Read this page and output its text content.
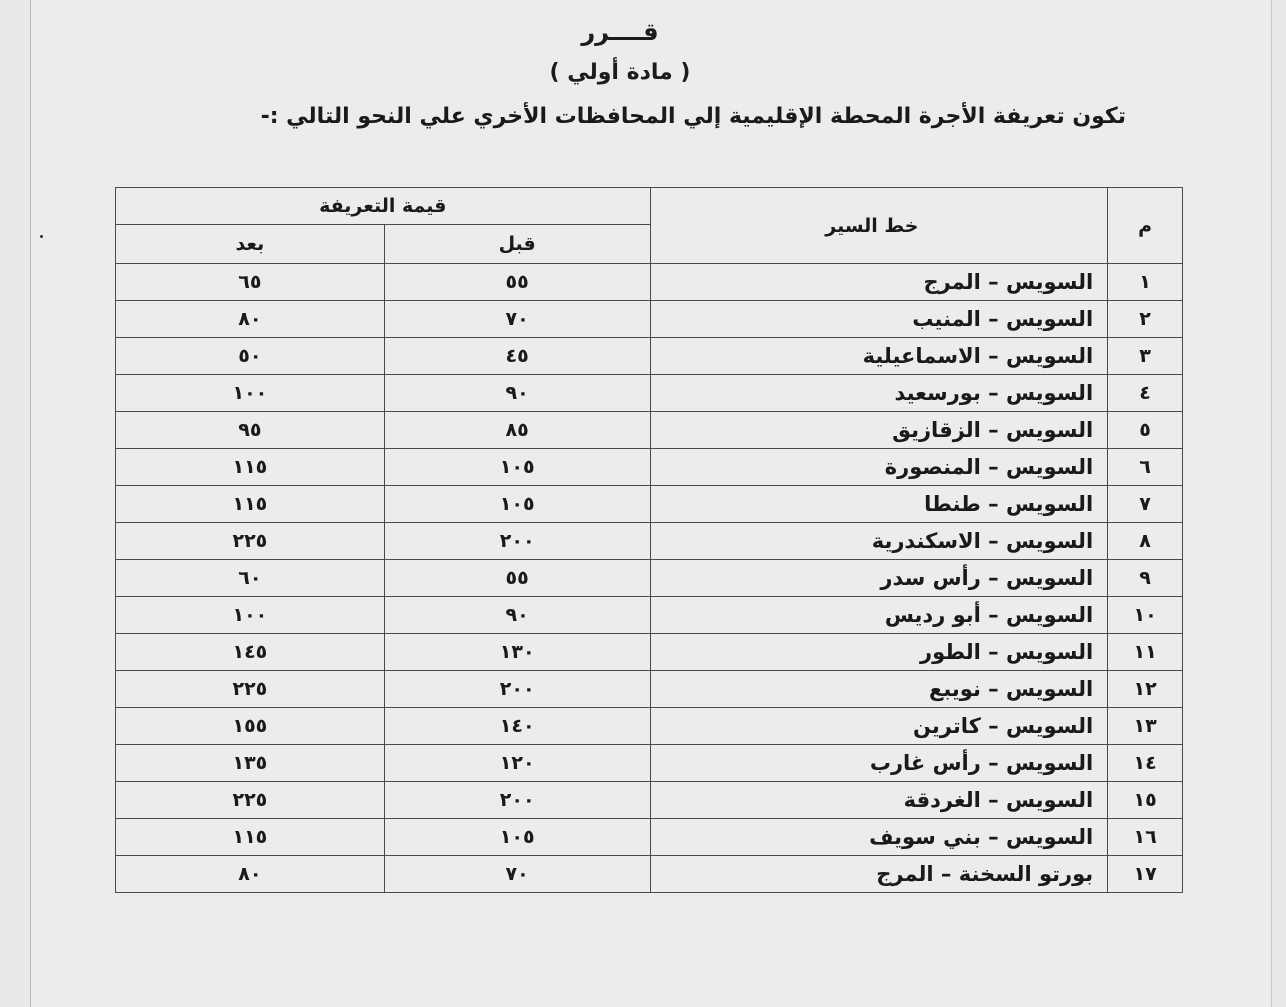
قــــرر
( مادة أولي )
تكون تعريفة الأجرة المحطة الإقليمية إلي المحافظات الأخري علي النحو التالي :-
م	خط السير	قيمة التعريفة	
		قبل	بعد
١	السويس – المرج	٥٥	٦٥
٢	السويس – المنيب	٧٠	٨٠
٣	السويس – الاسماعيلية	٤٥	٥٠
٤	السويس – بورسعيد	٩٠	١٠٠
٥	السويس – الزقازيق	٨٥	٩٥
٦	السويس – المنصورة	١٠٥	١١٥
٧	السويس – طنطا	١٠٥	١١٥
٨	السويس – الاسكندرية	٢٠٠	٢٢٥
٩	السويس – رأس سدر	٥٥	٦٠
١٠	السويس – أبو رديس	٩٠	١٠٠
١١	السويس – الطور	١٣٠	١٤٥
١٢	السويس – نويبع	٢٠٠	٢٢٥
١٣	السويس – كاترين	١٤٠	١٥٥
١٤	السويس – رأس غارب	١٢٠	١٣٥
١٥	السويس – الغردقة	٢٠٠	٢٢٥
١٦	السويس – بني سويف	١٠٥	١١٥
١٧	بورتو السخنة – المرج	٧٠	٨٠
